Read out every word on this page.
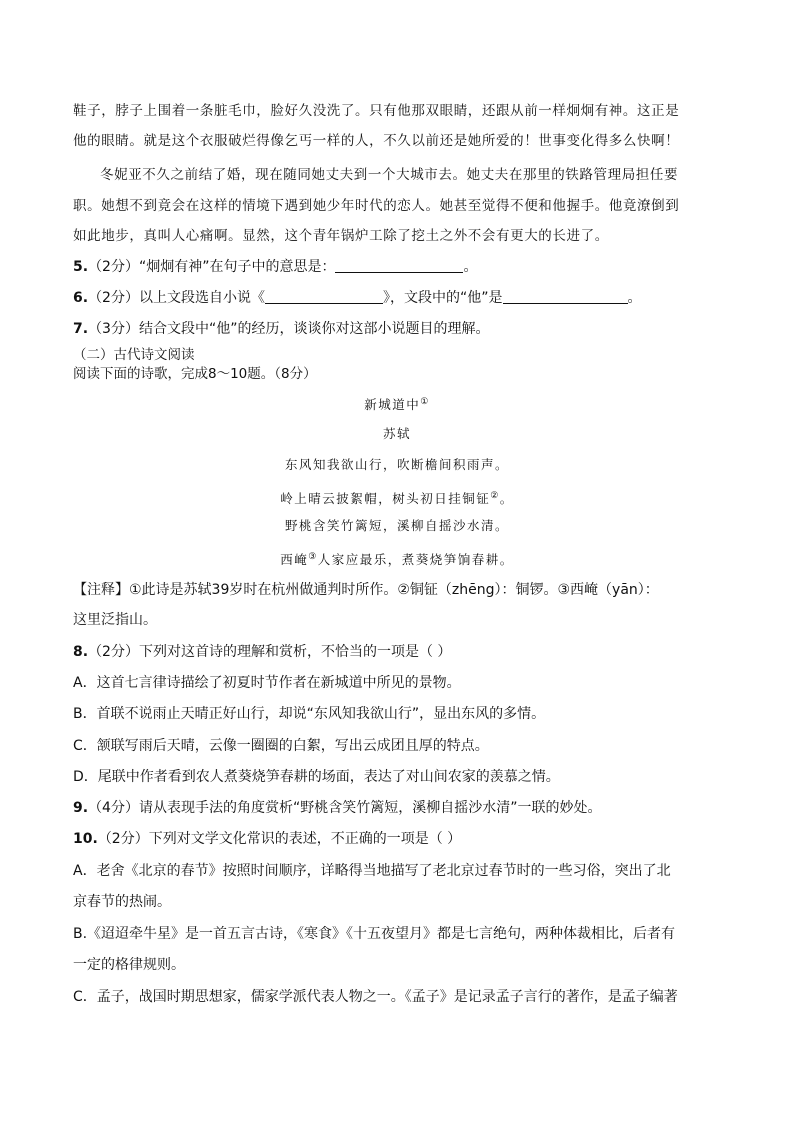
鞋子，脖子上围着一条脏毛巾，脸好久没洗了。只有他那双眼睛，还跟从前一样炯炯有神。这正是
他的眼睛。就是这个衣服破烂得像乞丐一样的人，不久以前还是她所爱的！世事变化得多么快啊！
冬妮亚不久之前结了婚，现在随同她丈夫到一个大城市去。她丈夫在那里的铁路管理局担任要
职。她想不到竟会在这样的情境下遇到她少年时代的恋人。她甚至觉得不便和他握手。他竟潦倒到
如此地步，真叫人心痛啊。显然，这个青年锅炉工除了挖土之外不会有更大的长进了。
5.（2分）“炯炯有神”在句子中的意思是：	。
6.（2分）以上文段选自小说《	》，文段中的“他”是	。
7.（3分）结合文段中“他”的经历，谈谈你对这部小说题目的理解。
（二）古代诗文阅读
阅读下面的诗歌，完成8～10题。（8分）
新城道中①
苏轼
东风知我欲山行，吹断檐间积雨声。
岭上晴云披絮帽，树头初日挂铜钲②。
野桃含笑竹篱短，溪柳自摇沙水清。
西崦③人家应最乐，煮葵烧笋饷春耕。
【注释】①此诗是苏轼39岁时在杭州做通判时所作。②铜钲（zhēng）：铜锣。③西崦（yān）：
这里泛指山。
8.（2分）下列对这首诗的理解和赏析，不恰当的一项是（ ）
A．这首七言律诗描绘了初夏时节作者在新城道中所见的景物。
B．首联不说雨止天晴正好山行，却说“东风知我欲山行”，显出东风的多情。
C．颔联写雨后天晴，云像一圈圈的白絮，写出云成团且厚的特点。
D．尾联中作者看到农人煮葵烧笋春耕的场面，表达了对山间农家的羡慕之情。
9.（4分）请从表现手法的角度赏析“野桃含笑竹篱短，溪柳自摇沙水清”一联的妙处。
10.（2分）下列对文学文化常识的表述，不正确的一项是（ ）
A．老舍《北京的春节》按照时间顺序，详略得当地描写了老北京过春节时的一些习俗，突出了北
京春节的热闹。
B.《迢迢牵牛星》是一首五言古诗，《寒食》《十五夜望月》都是七言绝句，两种体裁相比，后者有
一定的格律规则。
C．孟子，战国时期思想家，儒家学派代表人物之一。《孟子》是记录孟子言行的著作，是孟子编著
